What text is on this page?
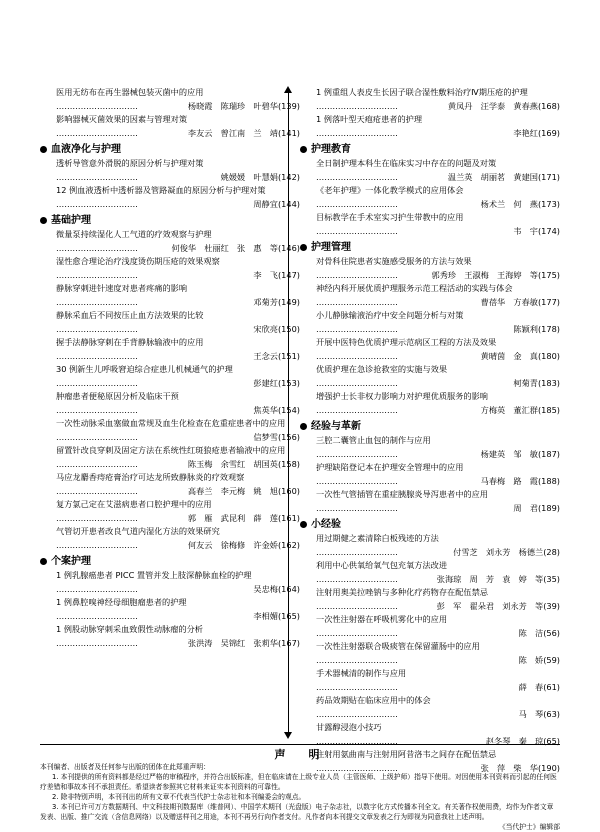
医用无纺布在再生器械包装灭菌中的应用
…………………………	杨晓霞　陈瑞珍　叶碧华(139)
影响器械灭菌效果的因素与管理对策
…………………………	李友云　曾江南　兰　靖(141)
血液净化与护理
透析导管意外滑脱的原因分析与护理对策
…………………………	姚媛媛　叶慧娟(142)
12 例血液透析中透析器及管路凝血的原因分析与护理对策
…………………………	周静宜(144)
基础护理
微量泵持续湿化人工气道的疗效观察与护理
…………………………	何俊华　杜丽红　张　惠　等(146)
湿性愈合理论治疗浅度烫伤期压疮的效果观察
…………………………	李　飞(147)
静脉穿刺进针速度对患者疼痛的影响
…………………………	邓菊芳(149)
静脉采血后不同按压止血方法效果的比较
…………………………	宋欣亮(150)
握手法静脉穿刺在手背静脉输液中的应用
…………………………	王念云(151)
30 例新生儿呼吸窘迫综合症患儿机械通气的护理
…………………………	彭建红(153)
肿瘤患者便秘原因分析及临床干预
…………………………	焦英华(154)
一次性动脉采血塞做血常规及血生化检查在危重症患者中的应用
…………………………	信梦雪(156)
留置针改良穿刺及固定方法在系统性红斑狼疮患者输液中的应用
…………………………	陈玉梅　余雪红　胡国英(158)
马应龙麝香痔疮膏治疗可达龙所致静脉炎的疗效观察
…………………………	高春兰　李元梅　姚　旭(160)
复方氯己定在艾滋病患者口腔护理中的应用
…………………………	郭　雁　武昆利　薛　莲(161)
气管切开患者改良气道内湿化方法的效果研究
…………………………	何友云　徐梅修　许金娇(162)
个案护理
1 例乳腺癌患者 PICC 置管并发上肢深静脉血栓的护理
…………………………	吴忠梅(164)
1 例鼻腔嗅神经母细胞瘤患者的护理
…………………………	李相媚(165)
1 例股动脉穿刺采血致假性动脉瘤的分析
…………………………	张洪涛　吴锦红　张莉华(167)
1 例重组人表皮生长因子联合湿性敷料治疗Ⅳ期压疮的护理
…………………………	黄凤丹　汪学泰　黄春燕(168)
1 例落叶型天疱疮患者的护理
…………………………	李艳红(169)
护理教育
全日制护理本科生在临床实习中存在的问题及对策
…………………………	温兰英　胡丽茗　黄建国(171)
《老年护理》一体化教学模式的应用体会
…………………………	杨术兰　何　燕(173)
目标教学在手术室实习护生带教中的应用
…………………………	韦　宇(174)
护理管理
对骨科住院患者实施感受服务的方法与效果
…………………………	郭秀珍　王淑梅　王海婷　等(175)
神经内科开展优质护理服务示范工程活动的实践与体会
…………………………	曹蓓华　方春敏(177)
小儿静脉输液治疗中安全问题分析与对策
…………………………	陈颖利(178)
开展中医特色优质护理示范病区工程的方法及效果
…………………………	黄晴茵　金　真(180)
优质护理在急诊抢救室的实施与效果
…………………………	柯菊青(183)
增强护士长非权力影响力对护理优质服务的影响
…………………………	方梅英　董汇群(185)
经验与革新
三腔二囊管止血包的制作与应用
…………………………	杨建英　邹　敏(187)
护理缺陷登记本在护理安全管理中的应用
…………………………	马春梅　路　霞(188)
一次性气管插管在重症胰腺炎导泻患者中的应用
…………………………	周　君(189)
小经验
用过期健之素清除白板残迹的方法
…………………………	付雪芝　刘永芳　杨德兰(28)
利用中心供氧给氧气包充氧方法改进
…………………………	张海琼　周　芳　袁　婷　等(35)
注射用奥美拉唑钠与多种化疗药物存在配伍禁忌
…………………………	彭　军　翟朵君　刘永芳　等(39)
一次性注射器在呼吸机雾化中的应用
…………………………	陈　洁(56)
一次性注射器联合吸痰管在保留灌肠中的应用
…………………………	陈　娇(59)
手术器械清的制作与应用
…………………………	薛　春(61)
药品效期贴在临床应用中的体会
…………………………	马　琴(63)
甘露醇浸泡小技巧
…………………………	赵冬琴　秦　琼(65)
注射用氨曲南与注射用阿昔洛韦之间存在配伍禁忌
…………………………	张　萍　柴　华(190)
声　明

本刊编者、出版者及任何参与出版的团体在此郑重声明：

1. 本刊提供的所有资料都是经过严格的审稿程序，并符合出版标准，但在临床请在上级专业人员（主管医师、上级护师）指导下使用。对因使用本刊资料而引起的任何医疗差错和事故本刊不承担责任。希望读者参照其它材料来证实本刊资料的可靠性。

2. 除非特别声明，本刊刊出的所有文章不代表当代护士杂志社和本刊编委会的观点。

3. 本刊已许可万方数据期刊、中文科技期刊数据库（维普网）、中国学术期刊（光盘版）电子杂志社，以数字化方式传播本刊全文。有关著作权使用费，均作为作者文章发表、出版、推广交流（含信息网络）以及赠送样刊之用途，本刊不再另行向作者支付。凡作者向本刊提交文章发表之行为即视为同意我社上述声明。

《当代护士》编辑部
